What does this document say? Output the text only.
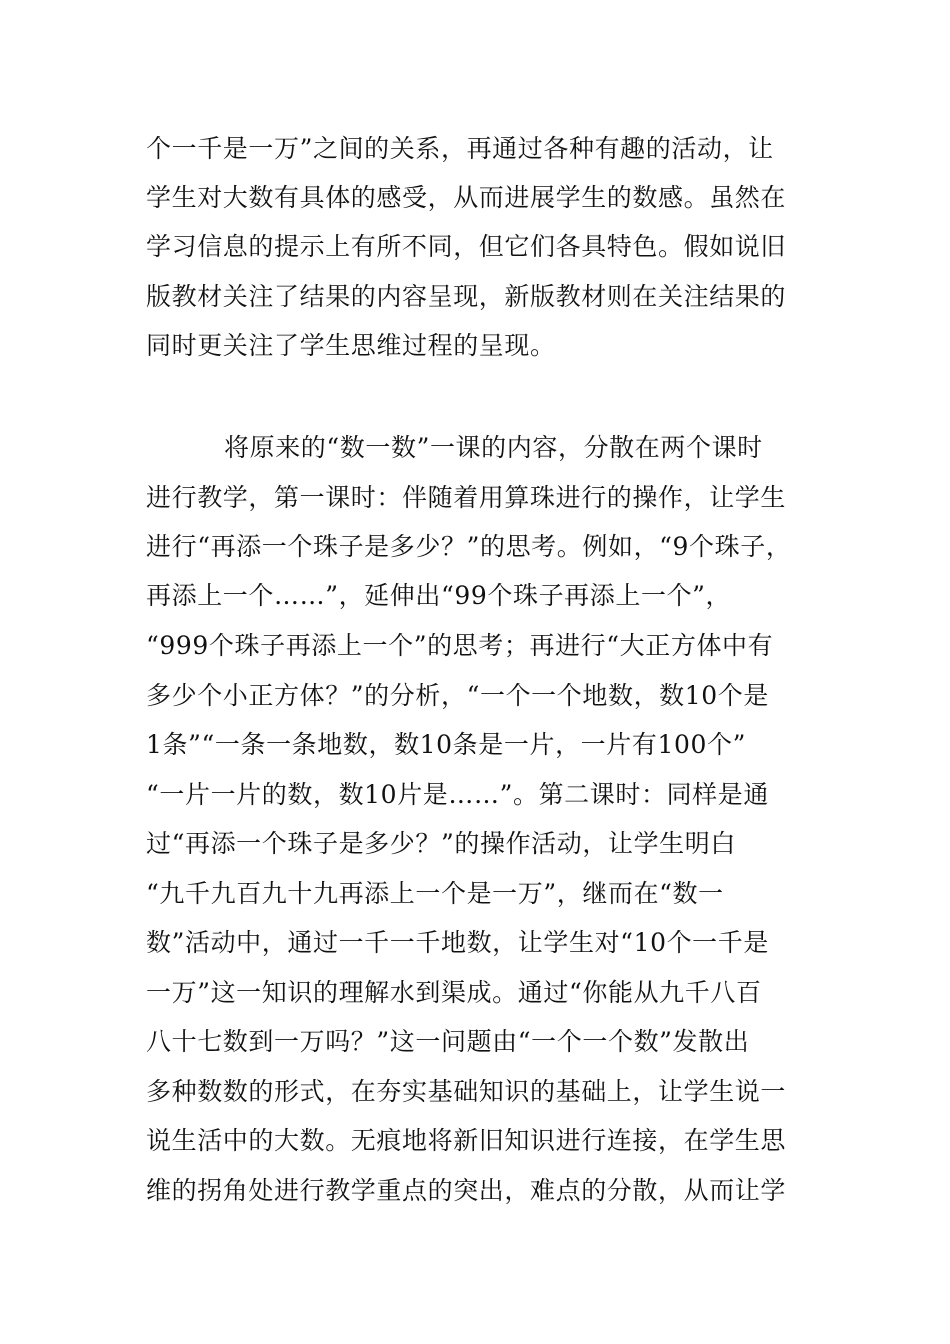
个一千是一万”之间的关系，再通过各种有趣的活动，让
学生对大数有具体的感受，从而进展学生的数感。虽然在
学习信息的提示上有所不同，但它们各具特色。假如说旧
版教材关注了结果的内容呈现，新版教材则在关注结果的
同时更关注了学生思维过程的呈现。
将原来的“数一数”一课的内容，分散在两个课时
进行教学，第一课时：伴随着用算珠进行的操作，让学生
进行“再添一个珠子是多少？”的思考。例如，“9个珠子，
再添上一个……”，延伸出“99个珠子再添上一个”，
“999个珠子再添上一个”的思考；再进行“大正方体中有
多少个小正方体？”的分析，“一个一个地数，数10个是
1条”“一条一条地数，数10条是一片，一片有100个”
“一片一片的数，数10片是……”。第二课时：同样是通
过“再添一个珠子是多少？”的操作活动，让学生明白
“九千九百九十九再添上一个是一万”，继而在“数一
数”活动中，通过一千一千地数，让学生对“10个一千是
一万”这一知识的理解水到渠成。通过“你能从九千八百
八十七数到一万吗？”这一问题由“一个一个数”发散出
多种数数的形式，在夯实基础知识的基础上，让学生说一
说生活中的大数。无痕地将新旧知识进行连接，在学生思
维的拐角处进行教学重点的突出，难点的分散，从而让学
